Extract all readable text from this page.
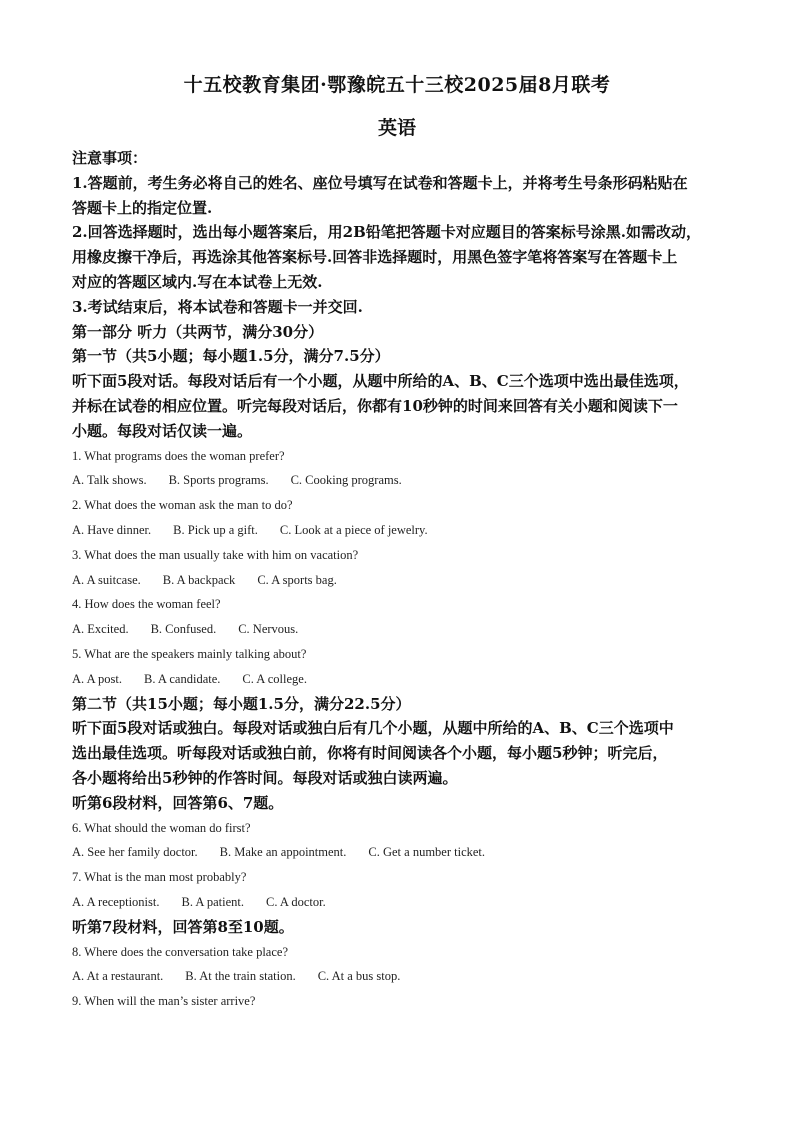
十五校教育集团·鄂豫皖五十三校2025届8月联考
英语

注意事项：

1.答题前，考生务必将自己的姓名、座位号填写在试卷和答题卡上，并将考生号条形码粘贴在

答题卡上的指定位置.

2.回答选择题时，选出每小题答案后，用2B铅笔把答题卡对应题目的答案标号涂黑.如需改动，

用橡皮擦干净后，再选涂其他答案标号.回答非选择题时，用黑色签字笔将答案写在答题卡上

对应的答题区域内.写在本试卷上无效.

3.考试结束后，将本试卷和答题卡一并交回.

第一部分 听力（共两节，满分30分）

第一节（共5小题；每小题1.5分，满分7.5分）

听下面5段对话。每段对话后有一个小题，从题中所给的A、B、C三个选项中选出最佳选项，

并标在试卷的相应位置。听完每段对话后，你都有10秒钟的时间来回答有关小题和阅读下一

小题。每段对话仅读一遍。

1. What programs does the woman prefer?

A. Talk shows. B. Sports programs. C. Cooking programs.

2. What does the woman ask the man to do?

A. Have dinner. B. Pick up a gift. C. Look at a piece of jewelry.

3. What does the man usually take with him on vacation?

A. A suitcase. B. A backpack C. A sports bag.

4. How does the woman feel?

A. Excited. B. Confused. C. Nervous.

5. What are the speakers mainly talking about?

A. A post. B. A candidate. C. A college.

第二节（共15小题；每小题1.5分，满分22.5分）

听下面5段对话或独白。每段对话或独白后有几个小题，从题中所给的A、B、C三个选项中

选出最佳选项。听每段对话或独白前，你将有时间阅读各个小题，每小题5秒钟；听完后，

各小题将给出5秒钟的作答时间。每段对话或独白读两遍。

听第6段材料，回答第6、7题。

6. What should the woman do first?

A. See her family doctor. B. Make an appointment. C. Get a number ticket.

7. What is the man most probably?

A. A receptionist. B. A patient. C. A doctor.

听第7段材料，回答第8至10题。

8. Where does the conversation take place?

A. At a restaurant. B. At the train station. C. At a bus stop.

9. When will the man’s sister arrive?
